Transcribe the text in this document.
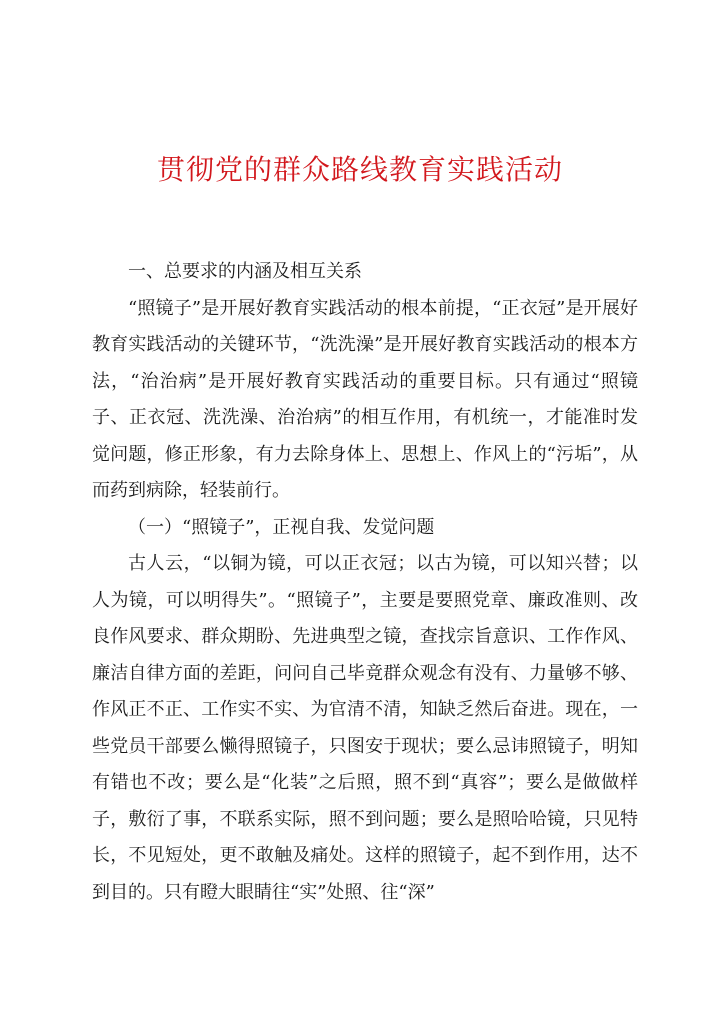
贯彻党的群众路线教育实践活动

一、总要求的内涵及相互关系

“照镜子”是开展好教育实践活动的根本前提，“正衣冠”是开展好教育实践活动的关键环节，“洗洗澡”是开展好教育实践活动的根本方法，“治治病”是开展好教育实践活动的重要目标。只有通过“照镜子、正衣冠、洗洗澡、治治病”的相互作用，有机统一，才能准时发觉问题，修正形象，有力去除身体上、思想上、作风上的“污垢”，从而药到病除，轻装前行。

（一）“照镜子”，正视自我、发觉问题

古人云，“以铜为镜，可以正衣冠；以古为镜，可以知兴替；以人为镜，可以明得失”。“照镜子”，主要是要照党章、廉政准则、改良作风要求、群众期盼、先进典型之镜，查找宗旨意识、工作作风、廉洁自律方面的差距，问问自己毕竟群众观念有没有、力量够不够、作风正不正、工作实不实、为官清不清，知缺乏然后奋进。现在，一些党员干部要么懒得照镜子，只图安于现状；要么忌讳照镜子，明知有错也不改；要么是“化装”之后照，照不到“真容”；要么是做做样子，敷衍了事，不联系实际，照不到问题；要么是照哈哈镜，只见特长，不见短处，更不敢触及痛处。这样的照镜子，起不到作用，达不到目的。只有瞪大眼睛往“实”处照、往“深”
